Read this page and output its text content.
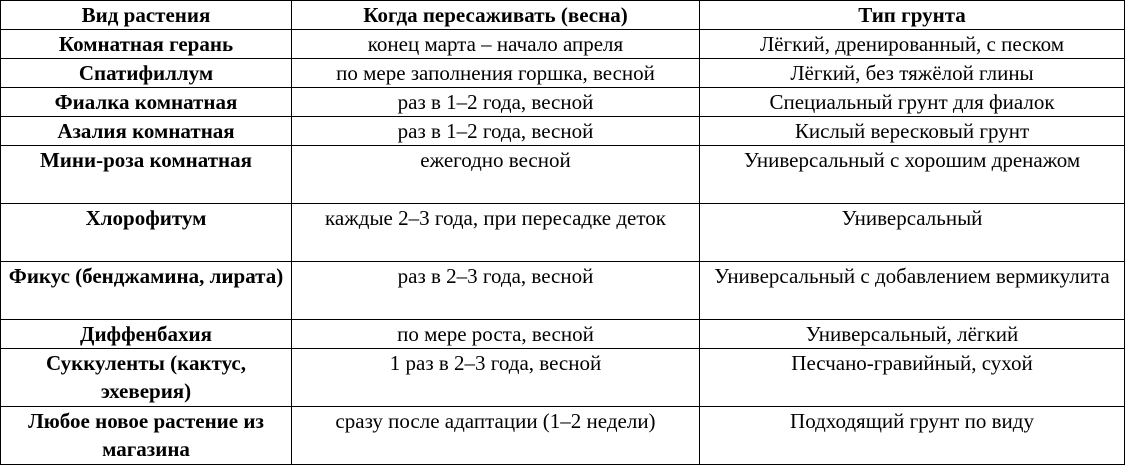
Вид растения	Когда пересаживать (весна)	Тип грунта
Комнатная герань	конец марта – начало апреля	Лёгкий, дренированный, с песком
Спатифиллум	по мере заполнения горшка, весной	Лёгкий, без тяжёлой глины
Фиалка комнатная	раз в 1–2 года, весной	Специальный грунт для фиалок
Азалия комнатная	раз в 1–2 года, весной	Кислый вересковый грунт
Мини-роза комнатная	ежегодно весной	Универсальный с хорошим дренажом
Хлорофитум	каждые 2–3 года, при пересадке деток	Универсальный
Фикус (бенджамина, лирата)	раз в 2–3 года, весной	Универсальный с добавлением вермикулита
Диффенбахия	по мере роста, весной	Универсальный, лёгкий
Суккуленты (кактус, эхеверия)	1 раз в 2–3 года, весной	Песчано-гравийный, сухой
Любое новое растение из магазина	сразу после адаптации (1–2 недели)	Подходящий грунт по виду
